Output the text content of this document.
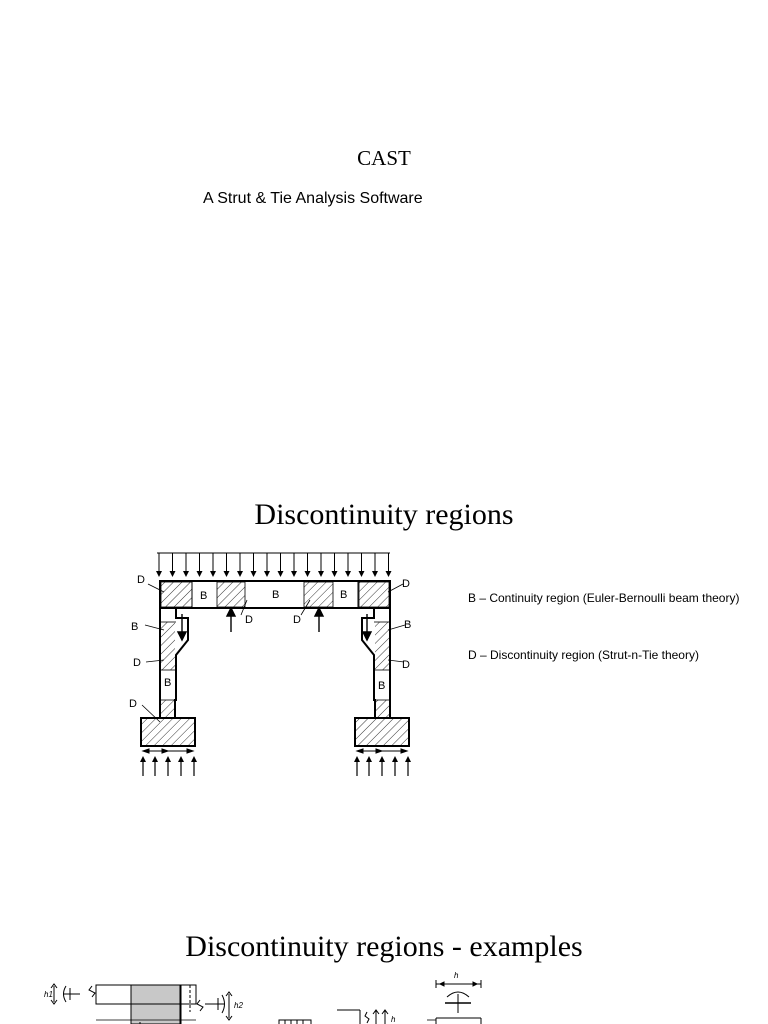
CAST
A Strut & Tie Analysis Software
Discontinuity regions
B – Continuity region (Euler-Bernoulli beam theory)
D – Discontinuity region (Strut-n-Tie theory)
Discontinuity regions - examples
D	D
B	B	B
D	D
B	B
D	D
B	B
D
h1
h2
h
h
